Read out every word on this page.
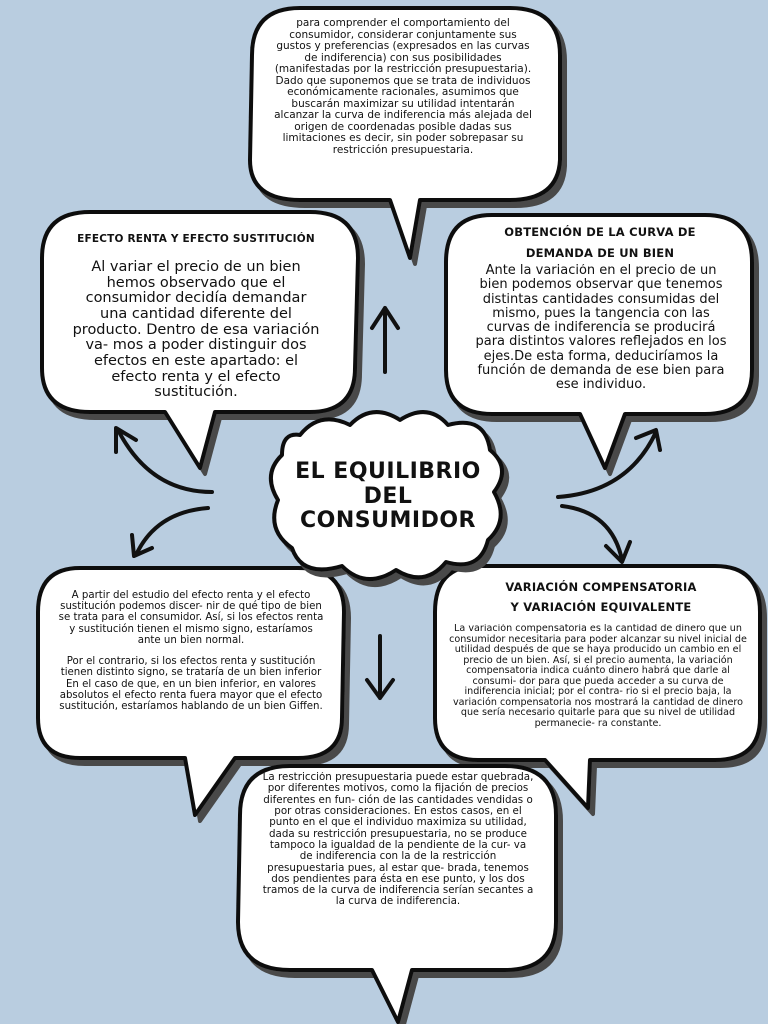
EL EQUILIBRIO
DEL
CONSUMIDOR
para comprender el comportamiento del consumidor, considerar conjuntamente sus gustos y preferencias (expresados en las curvas de indiferencia) con sus posibilidades (manifestadas por la restricción presupuestaria).
Dado que suponemos que se trata de individuos económicamente racionales, asumimos que buscarán maximizar su utilidad intentarán alcanzar la curva de indiferencia más alejada del origen de coordenadas posible dadas sus limitaciones es decir, sin poder sobrepasar su restricción presupuestaria.
EFECTO RENTA Y EFECTO SUSTITUCIÓN
Al variar el precio de un bien hemos observado que el consumidor decidía demandar una cantidad diferente del producto. Dentro de esa variación va- mos a poder distinguir dos efectos en este apartado: el efecto renta y el efecto sustitución.
OBTENCIÓN DE LA CURVA DE
DEMANDA DE UN BIEN
Ante la variación en el precio de un bien podemos observar que tenemos distintas cantidades consumidas del mismo, pues la tangencia con las curvas de indiferencia se producirá para distintos valores reflejados en los ejes.De esta forma, deduciríamos la función de demanda de ese bien para ese individuo.
A partir del estudio del efecto renta y el efecto sustitución podemos discer- nir de qué tipo de bien se trata para el consumidor. Así, si los efectos renta y sustitución tienen el mismo signo, estaríamos ante un bien normal.
Por el contrario, si los efectos renta y sustitución tienen distinto signo, se trataría de un bien inferior
En el caso de que, en un bien inferior, en valores absolutos el efecto renta fuera mayor que el efecto sustitución, estaríamos hablando de un bien Giffen.
VARIACIÓN COMPENSATORIA
Y VARIACIÓN EQUIVALENTE
La variación compensatoria es la cantidad de dinero que un consumidor necesitaria para poder alcanzar su nivel inicial de utilidad después de que se haya producido un cambio en el precio de un bien. Así, si el precio aumenta, la variación compensatoria indica cuánto dinero habrá que darle al consumi- dor para que pueda acceder a su curva de indiferencia inicial; por el contra- rio si el precio baja, la variación compensatoria nos mostrará la cantidad de dinero que sería necesario quitarle para que su nivel de utilidad permanecie- ra constante.
La restricción presupuestaria puede estar quebrada, por diferentes motivos, como la fijación de precios diferentes en fun- ción de las cantidades vendidas o por otras consideraciones. En estos casos, en el punto en el que el individuo maximiza su utilidad, dada su restricción presupuestaria, no se produce tampoco la igualdad de la pendiente de la cur- va de indiferencia con la de la restricción presupuestaria pues, al estar que- brada, tenemos dos pendientes para ésta en ese punto, y los dos tramos de la curva de indiferencia serían secantes a la curva de indiferencia.
